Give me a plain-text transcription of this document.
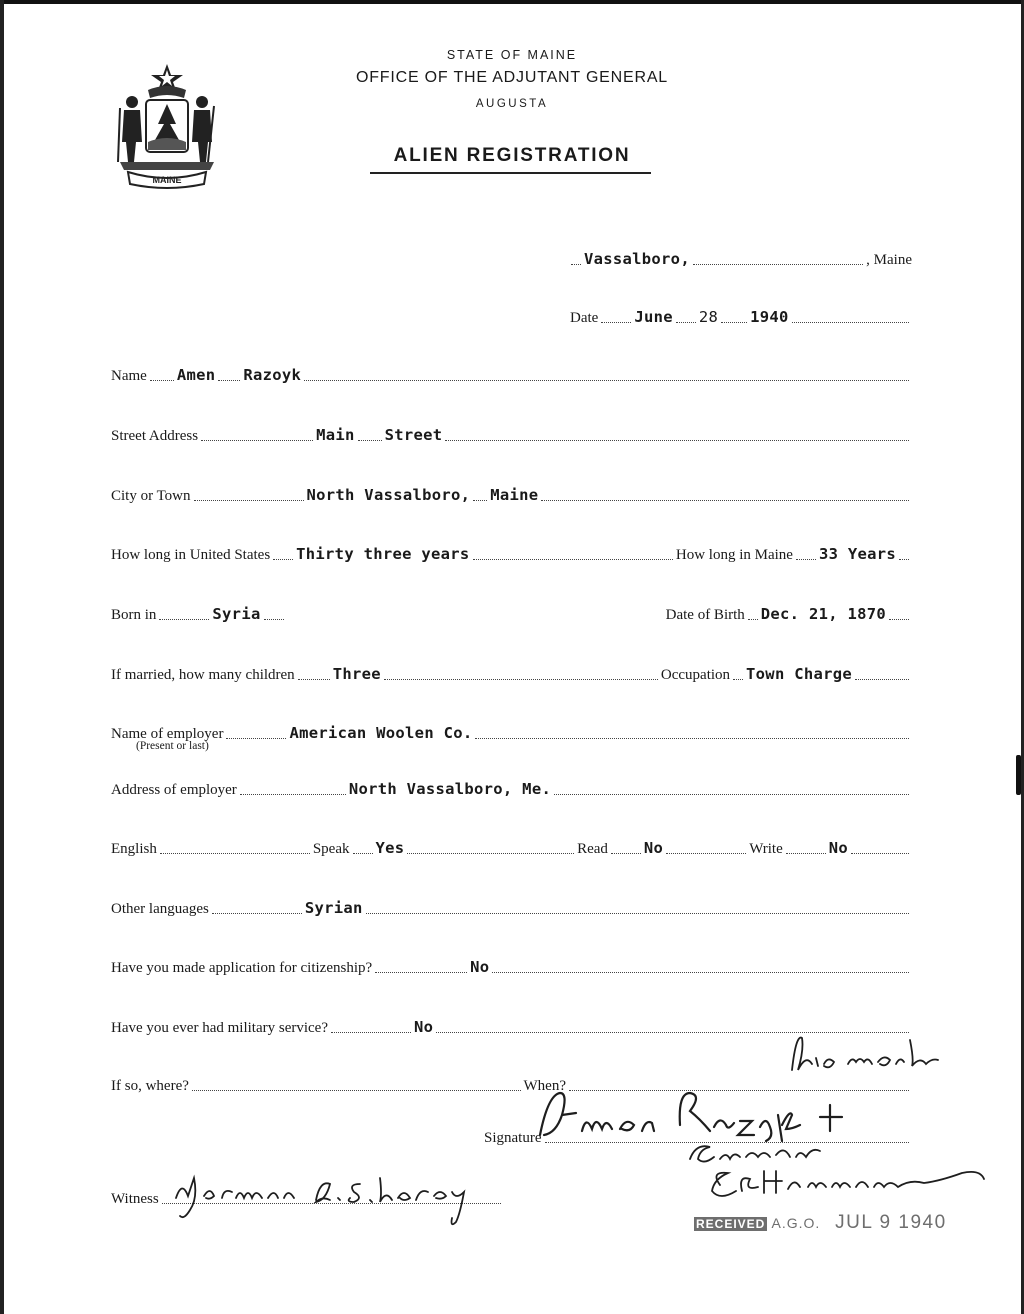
MAINE
STATE OF MAINE
OFFICE OF THE ADJUTANT GENERAL
AUGUSTA
ALIEN REGISTRATION
Vassalboro,	, Maine
Date June 28 1940
Name Amen Razoyk
Street Address	Main Street
City or Town	North Vassalboro, Maine
How long in United States Thirty three years	How long in Maine 33 Years
Born in	Syria	Date of Birth Dec. 21, 1870
If married, how many children Three	Occupation Town Charge
Name of employer	American Woolen Co.
(Present or last)
Address of employer	North Vassalboro, Me.
English	Speak Yes	Read No	Write	No
Other languages	Syrian
Have you made application for citizenship?	No
Have you ever had military service?	No
If so, where?	When?
Signature
Witness
RECEIVED A.G.O. JUL 9 1940
